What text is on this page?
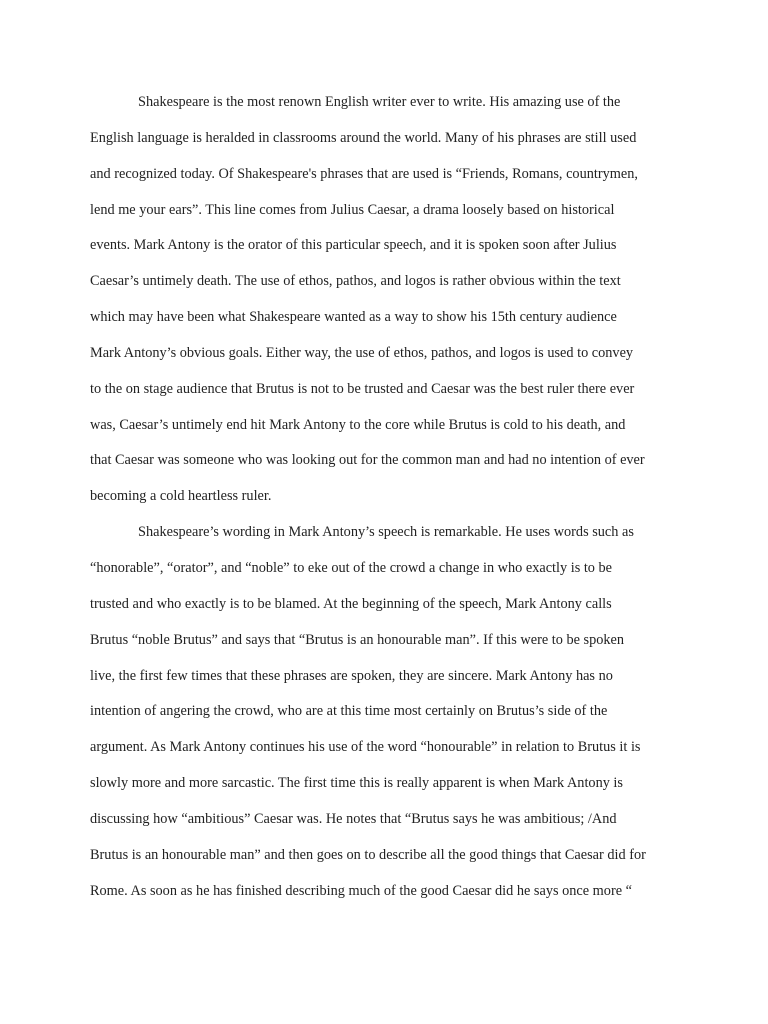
Shakespeare is the most renown English writer ever to write. His amazing use of the
English language is heralded in classrooms around the world. Many of his phrases are still used
and recognized today. Of Shakespeare's phrases that are used is “Friends, Romans, countrymen,
lend me your ears”. This line comes from Julius Caesar, a drama loosely based on historical
events. Mark Antony is the orator of this particular speech, and it is spoken soon after Julius
Caesar’s untimely death. The use of ethos, pathos, and logos is rather obvious within the text
which may have been what Shakespeare wanted as a way to show his 15th century audience
Mark Antony’s obvious goals. Either way, the use of ethos, pathos, and logos is used to convey
to the on stage audience that Brutus is not to be trusted and Caesar was the best ruler there ever
was, Caesar’s untimely end hit Mark Antony to the core while Brutus is cold to his death, and
that Caesar was someone who was looking out for the common man and had no intention of ever
becoming a cold heartless ruler.
Shakespeare’s wording in Mark Antony’s speech is remarkable. He uses words such as
“honorable”, “orator”, and “noble” to eke out of the crowd a change in who exactly is to be
trusted and who exactly is to be blamed. At the beginning of the speech, Mark Antony calls
Brutus “noble Brutus” and says that “Brutus is an honourable man”. If this were to be spoken
live, the first few times that these phrases are spoken, they are sincere. Mark Antony has no
intention of angering the crowd, who are at this time most certainly on Brutus’s side of the
argument. As Mark Antony continues his use of the word “honourable” in relation to Brutus it is
slowly more and more sarcastic. The first time this is really apparent is when Mark Antony is
discussing how “ambitious” Caesar was. He notes that “Brutus says he was ambitious; /And
Brutus is an honourable man” and then goes on to describe all the good things that Caesar did for
Rome. As soon as he has finished describing much of the good Caesar did he says once more “
